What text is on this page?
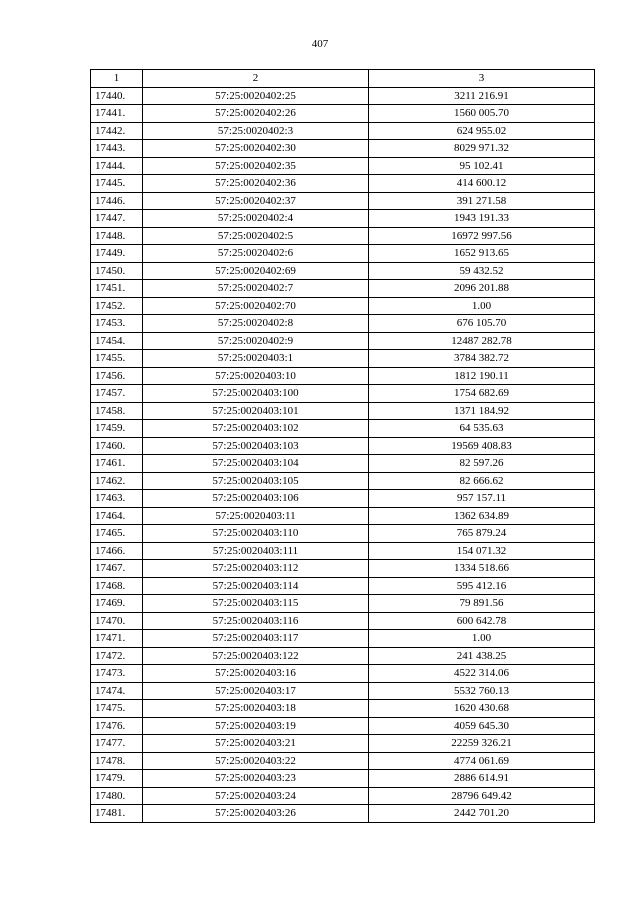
407
1	2	3
17440.	57:25:0020402:25	3211 216.91
17441.	57:25:0020402:26	1560 005.70
17442.	57:25:0020402:3	624 955.02
17443.	57:25:0020402:30	8029 971.32
17444.	57:25:0020402:35	95 102.41
17445.	57:25:0020402:36	414 600.12
17446.	57:25:0020402:37	391 271.58
17447.	57:25:0020402:4	1943 191.33
17448.	57:25:0020402:5	16972 997.56
17449.	57:25:0020402:6	1652 913.65
17450.	57:25:0020402:69	59 432.52
17451.	57:25:0020402:7	2096 201.88
17452.	57:25:0020402:70	1.00
17453.	57:25:0020402:8	676 105.70
17454.	57:25:0020402:9	12487 282.78
17455.	57:25:0020403:1	3784 382.72
17456.	57:25:0020403:10	1812 190.11
17457.	57:25:0020403:100	1754 682.69
17458.	57:25:0020403:101	1371 184.92
17459.	57:25:0020403:102	64 535.63
17460.	57:25:0020403:103	19569 408.83
17461.	57:25:0020403:104	82 597.26
17462.	57:25:0020403:105	82 666.62
17463.	57:25:0020403:106	957 157.11
17464.	57:25:0020403:11	1362 634.89
17465.	57:25:0020403:110	765 879.24
17466.	57:25:0020403:111	154 071.32
17467.	57:25:0020403:112	1334 518.66
17468.	57:25:0020403:114	595 412.16
17469.	57:25:0020403:115	79 891.56
17470.	57:25:0020403:116	600 642.78
17471.	57:25:0020403:117	1.00
17472.	57:25:0020403:122	241 438.25
17473.	57:25:0020403:16	4522 314.06
17474.	57:25:0020403:17	5532 760.13
17475.	57:25:0020403:18	1620 430.68
17476.	57:25:0020403:19	4059 645.30
17477.	57:25:0020403:21	22259 326.21
17478.	57:25:0020403:22	4774 061.69
17479.	57:25:0020403:23	2886 614.91
17480.	57:25:0020403:24	28796 649.42
17481.	57:25:0020403:26	2442 701.20
